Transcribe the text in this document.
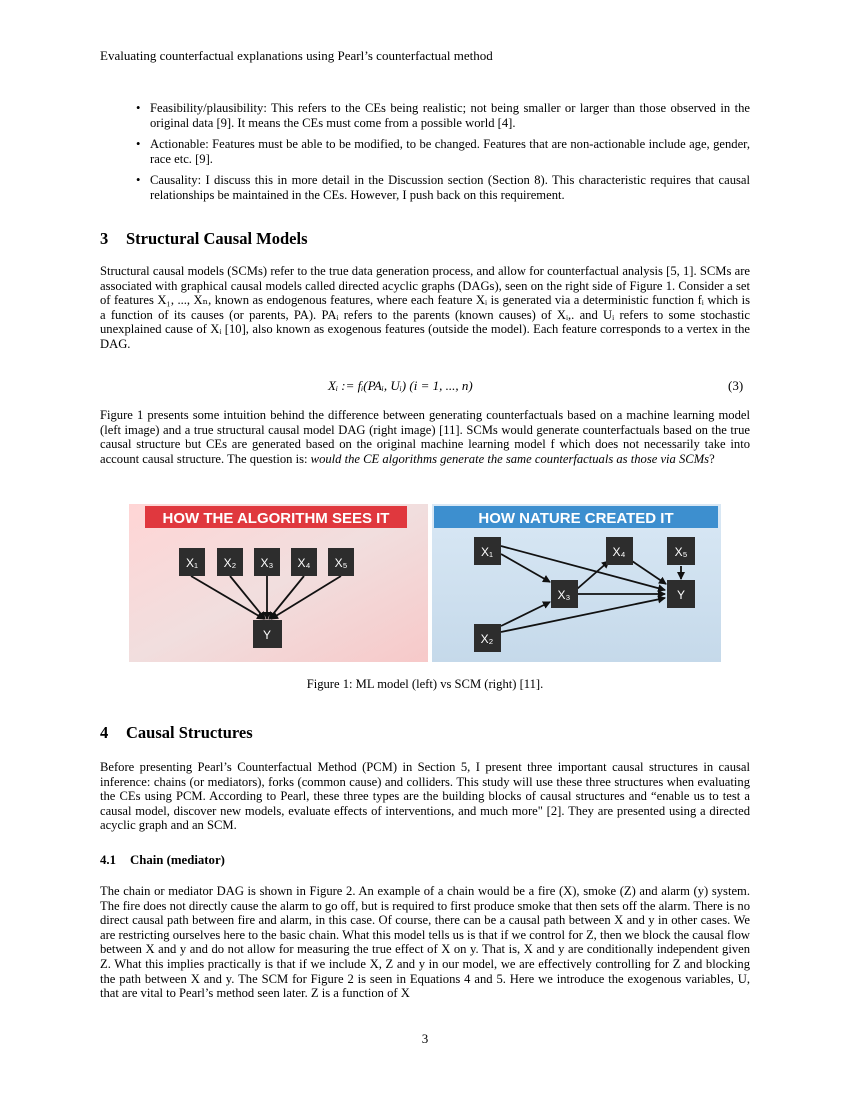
Evaluating counterfactual explanations using Pearl’s counterfactual method
• Feasibility/plausibility: This refers to the CEs being realistic; not being smaller or larger than those observed in the original data [9]. It means the CEs must come from a possible world [4].
• Actionable: Features must be able to be modified, to be changed. Features that are non-actionable include age, gender, race etc. [9].
• Causality: I discuss this in more detail in the Discussion section (Section 8). This characteristic requires that causal relationships be maintained in the CEs. However, I push back on this requirement.
3 Structural Causal Models
Structural causal models (SCMs) refer to the true data generation process, and allow for counterfactual analysis [5, 1]. SCMs are associated with graphical causal models called directed acyclic graphs (DAGs), seen on the right side of Figure 1. Consider a set of features X₁, ..., Xₙ, known as endogenous features, where each feature Xᵢ is generated via a deterministic function fᵢ which is a function of its causes (or parents, PA). PAᵢ refers to the parents (known causes) of Xᵢ,. and Uᵢ refers to some stochastic unexplained cause of Xᵢ [10], also known as exogenous features (outside the model). Each feature corresponds to a vertex in the DAG.
Xᵢ := fᵢ(PAᵢ, Uᵢ) (i = 1, ..., n)	(3)
Figure 1 presents some intuition behind the difference between generating counterfactuals based on a machine learning model (left image) and a true structural causal model DAG (right image) [11]. SCMs would generate counterfactuals based on the true causal structure but CEs are generated based on the original machine learning model f which does not necessarily take into account causal structure. The question is: would the CE algorithms generate the same counterfactuals as those via SCMs?
HOW THE ALGORITHM SEES IT
X₁ X₂ X₃ X₄ X₅
Y
HOW NATURE CREATED IT
X₁
X₂
X₃
X₄	X₅
Y
Figure 1: ML model (left) vs SCM (right) [11].
4 Causal Structures
Before presenting Pearl’s Counterfactual Method (PCM) in Section 5, I present three important causal structures in causal inference: chains (or mediators), forks (common cause) and colliders. This study will use these three structures when evaluating the CEs using PCM. According to Pearl, these three types are the building blocks of causal structures and “enable us to test a causal model, discover new models, evaluate effects of interventions, and much more" [2]. They are presented using a directed acyclic graph and an SCM.
4.1 Chain (mediator)
The chain or mediator DAG is shown in Figure 2. An example of a chain would be a fire (X), smoke (Z) and alarm (y) system. The fire does not directly cause the alarm to go off, but is required to first produce smoke that then sets off the alarm. There is no direct causal path between fire and alarm, in this case. Of course, there can be a causal path between X and y in other cases. We are restricting ourselves here to the basic chain. What this model tells us is that if we control for Z, then we block the causal flow between X and y and do not allow for measuring the true effect of X on y. That is, X and y are conditionally independent given Z. What this implies practically is that if we include X, Z and y in our model, we are effectively controlling for Z and blocking the path between X and y. The SCM for Figure 2 is seen in Equations 4 and 5. Here we introduce the exogenous variables, U, that are vital to Pearl’s method seen later. Z is a function of X
3
